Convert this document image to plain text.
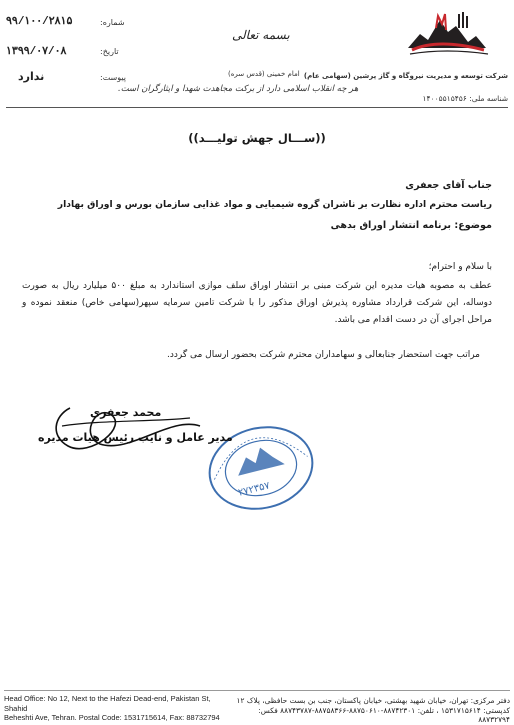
۹۹/۱۰۰/۲۸۱۵	شماره:
۱۳۹۹/۰۷/۰۸	تاریخ:
ندارد	پیوست:
بسمه تعالی
امام خمینی (قدس سره)
هر چه انقلاب اسلامی دارد از برکت مجاهدت شهدا و ایثارگران است.
شرکت توسعه و مدیریت نیروگاه و گاز پرشین (سهامی عام)
شناسه ملی: ۱۴۰۰۵۵۱۵۴۵۶
((ســـال جهش تولیـــد))
جناب آقای جعفری
ریاست محترم اداره نظارت بر ناشران گروه شیمیایی و مواد غذایی سازمان بورس و اوراق بهادار
موضوع: برنامه انتشار اوراق بدهی
با سلام و احترام؛
عطف به مصوبه هیات مدیره این شرکت مبنی بر انتشار اوراق سلف موازی استاندارد به مبلغ ۵۰۰ میلیارد ریال به صورت دوساله، این شرکت قرارداد مشاوره پذیرش اوراق مذکور را با شرکت تامین سرمایه سپهر(سهامی خاص) منعقد نموده و مراحل اجرای آن در دست اقدام می باشد.
مراتب جهت استحضار جنابعالی و سهامداران محترم شرکت بحضور ارسال می گردد.
۲۷۲۳۵۷
محمد جعفری
مدیر عامل و نایب رئیس هیات مدیره
Head Office: No 12, Next to the Hafezi Dead-end, Pakistan St, Shahid
Beheshti Ave, Tehran. Postal Code: 1531715614, Fax: 88732794
دفتر مرکزی: تهران، خیابان شهید بهشتی، خیابان پاکستان، جنب بن بست حافظی، پلاک ۱۲
کدپستی: ۱۵۳۱۷۱۵۶۱۴ ، تلفن: ۸۸۷۴۲۳۰۱-۸۸۷۵۰۶۱۰-۸۸۷۵۸۳۶۶-۸۸۷۴۳۷۸۷ فکس: ۸۸۷۳۲۷۹۴
